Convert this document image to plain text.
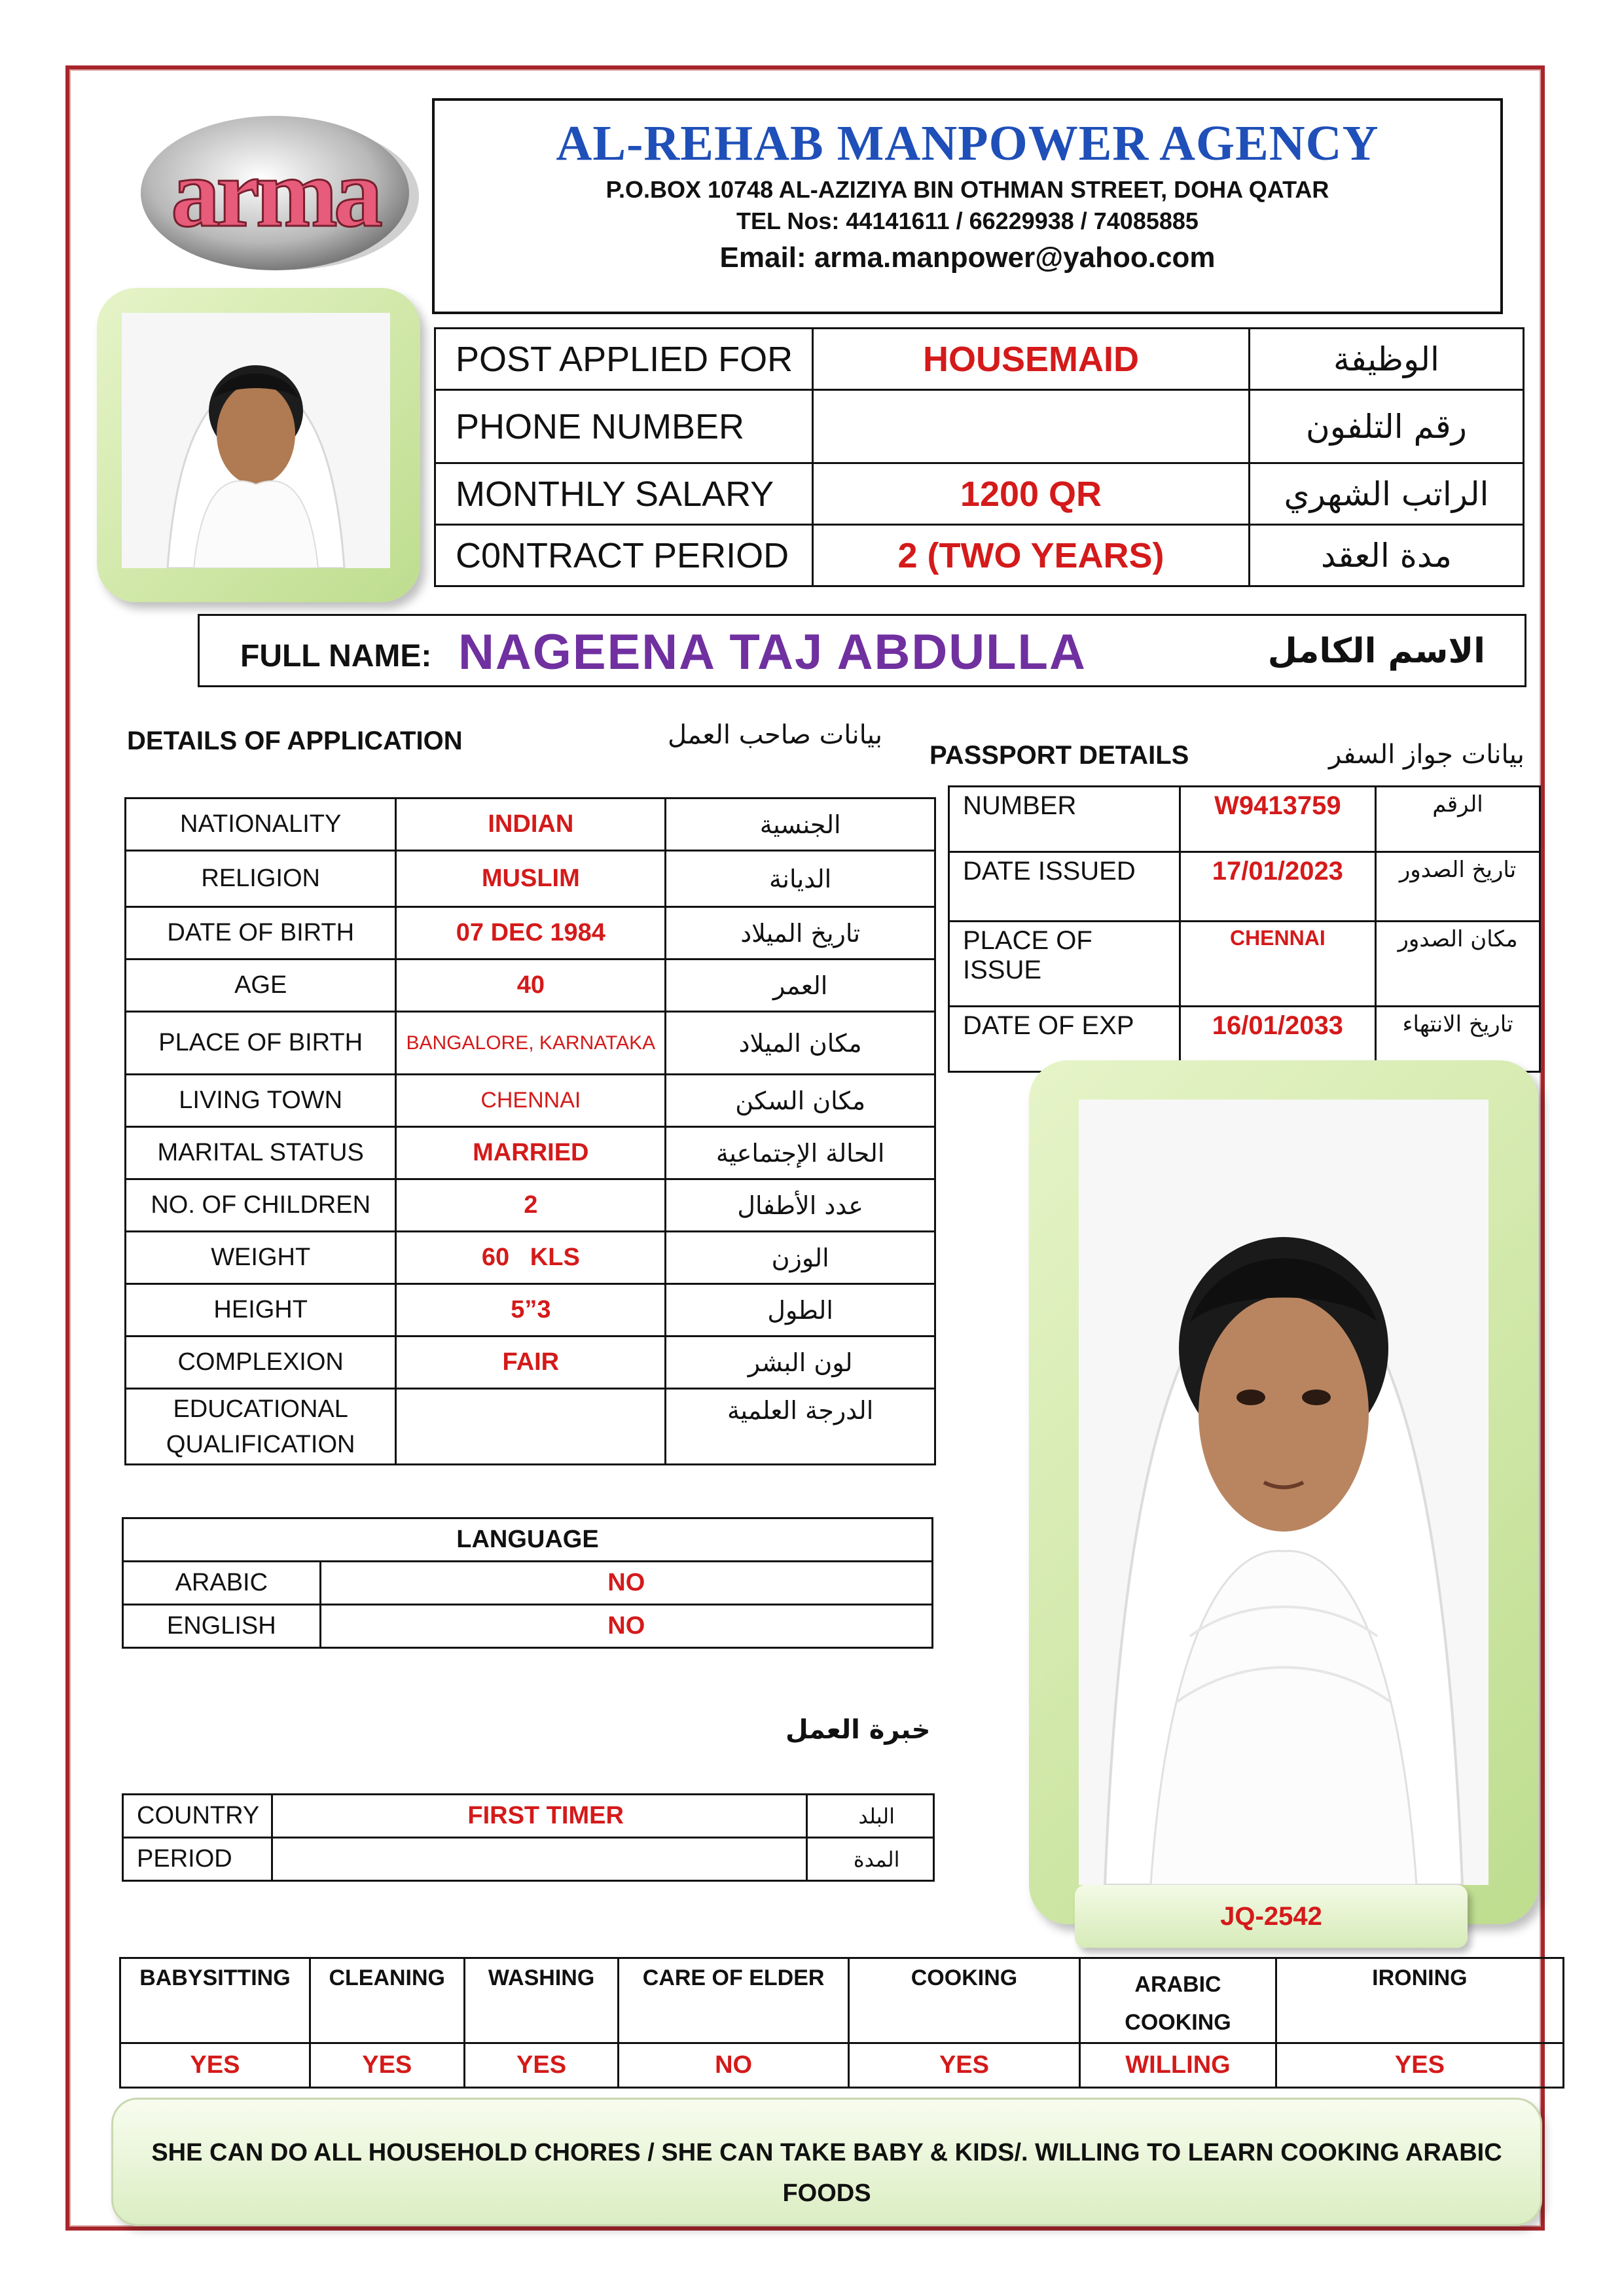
arma	AL-REHAB MANPOWER AGENCY
P.O.BOX 10748 AL-AZIZIYA BIN OTHMAN STREET, DOHA QATAR
TEL Nos: 44141611 / 66229938 / 74085885
Email: arma.manpower@yahoo.com
POST APPLIED FOR	HOUSEMAID	الوظيفة
PHONE NUMBER		رقم التلفون
MONTHLY SALARY	1200 QR	الراتب الشهري
C0NTRACT PERIOD	2 (TWO YEARS)	مدة العقد
FULL NAME: NAGEENA TAJ ABDULLA	الاسم الكامل
DETAILS OF APPLICATION	بيانات صاحب العمل
PASSPORT DETAILS	بيانات جواز السفر
NATIONALITY	INDIAN	الجنسية
RELIGION	MUSLIM	الديانة
DATE OF BIRTH	07 DEC 1984	تاريخ الميلاد
AGE	40	العمر
PLACE OF BIRTH	BANGALORE, KARNATAKA	مكان الميلاد
LIVING TOWN	CHENNAI	مكان السكن
MARITAL STATUS	MARRIED	الحالة الإجتماعية
NO. OF CHILDREN	2	عدد الأطفال
WEIGHT	60   KLS	الوزن
HEIGHT	5”3	الطول
COMPLEXION	FAIR	لون البشر
EDUCATIONAL QUALIFICATION		الدرجة العلمية
NUMBER	W9413759	الرقم
DATE ISSUED	17/01/2023	تاريخ الصدور
PLACE OF ISSUE	CHENNAI	مكان الصدور
DATE OF EXP	16/01/2033	تاريخ الانتهاء
JQ-2542
LANGUAGE	
ARABIC	NO
ENGLISH	NO
خبرة العمل
COUNTRY	FIRST TIMER	البلد
PERIOD		المدة
BABYSITTING	CLEANING	WASHING	CARE OF ELDER	COOKING	ARABIC COOKING	IRONING
YES	YES	YES	NO	YES	WILLING	YES
SHE CAN DO ALL HOUSEHOLD CHORES / SHE CAN TAKE BABY & KIDS/. WILLING TO LEARN COOKING ARABIC FOODS
